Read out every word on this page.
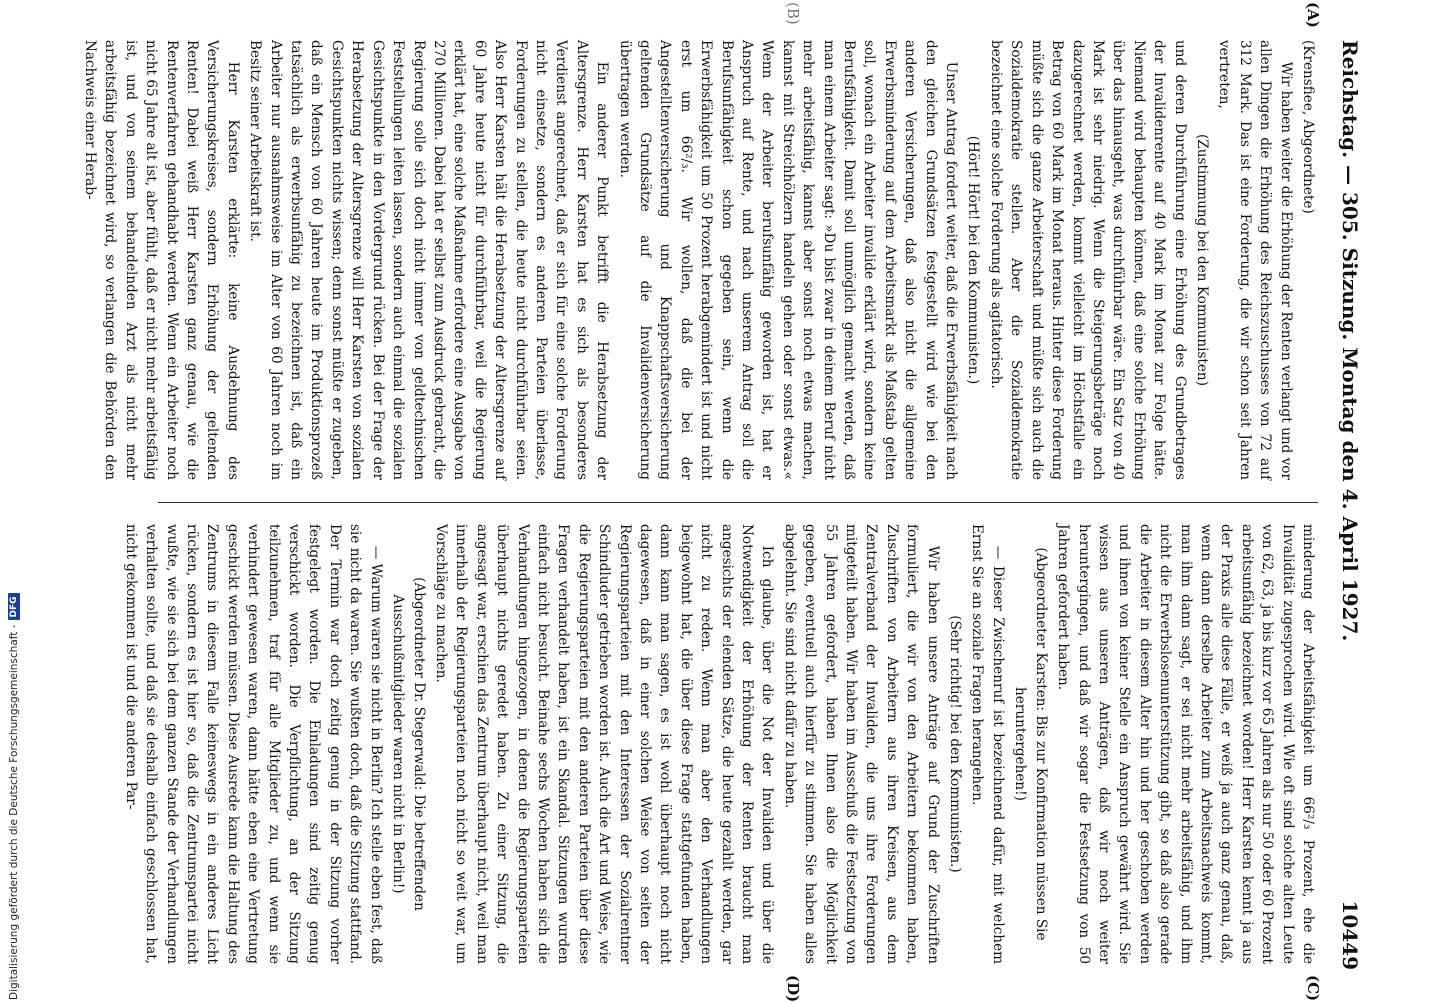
Reichstag. — 305. Sitzung. Montag den 4. April 1927.
10449
(A)
(B)
(C)
(D)

(Krensfiee, Abgeordnete)

Wir haben weiter die Erhöhung der Renten verlangt und vor allen Dingen die Erhöhung des Reichszuschusses von 72 auf 312 Mark. Das ist eine Forderung, die wir schon seit Jahren vertreten,

(Zustimmung bei den Kommunisten)

und deren Durchführung eine Erhöhung des Grundbetrages der Invalidenrente auf 40 Mark im Monat zur Folge hätte. Niemand wird behaupten können, daß eine solche Erhöhung über das hinausgeht, was durchführbar wäre. Ein Satz von 40 Mark ist sehr niedrig. Wenn die Steigerungsbeträge noch dazugerechnet werden, kommt vielleicht im Höchstfalle ein Betrag von 60 Mark im Monat heraus. Hinter diese Forderung müßte sich die ganze Arbeiterschaft und müßte sich auch die Sozialdemokratie stellen. Aber die Sozialdemokratie bezeichnet eine solche Forderung als agitatorisch.

(Hört! Hört! bei den Kommunisten.)

Unser Antrag fordert weiter, daß die Erwerbsfähigkeit nach den gleichen Grundsätzen festgestellt wird wie bei den anderen Versicherungen, daß also nicht die allgemeine Erwerbsminderung auf dem Arbeitsmarkt als Maßstab gelten soll, wonach ein Arbeiter invalide erklärt wird, sondern keine Berufsfähigkeit. Damit soll unmöglich gemacht werden, daß man einem Arbeiter sagt: »Du bist zwar in deinem Beruf nicht mehr arbeitsfähig, kannst aber sonst noch etwas machen, kannst mit Streichhölzern handeln gehen oder sonst etwas.« Wenn der Arbeiter berufsunfähig geworden ist, hat er Anspruch auf Rente, und nach unserem Antrag soll die Berufsunfähigkeit schon gegeben sein, wenn die Erwerbsfähigkeit um 50 Prozent herabgemindert ist und nicht erst um 66²/₃. Wir wollen, daß die bei der Angestelltenversicherung und Knappschaftsversicherung geltenden Grundsätze auf die Invalidenversicherung übertragen werden.

Ein anderer Punkt betrifft die Herabsetzung der Altersgrenze. Herr Karsten hat es sich als besonderes Verdienst angerechnet, daß er sich für eine solche Forderung nicht einsetze, sondern es anderen Parteien überlasse, Forderungen zu stellen, die heute nicht durchführbar seien. Also Herr Karsten hält die Herabsetzung der Altersgrenze auf 60 Jahre heute nicht für durchführbar, weil die Regierung erklärt hat, eine solche Maßnahme erfordere eine Ausgabe von 270 Millionen. Dabei hat er selbst zum Ausdruck gebracht, die Regierung solle sich doch nicht immer von geldtechnischen Feststellungen leiten lassen, sondern auch einmal die sozialen Gesichtspunkte in den Vordergrund rücken. Bei der Frage der Herabsetzung der Altersgrenze will Herr Karsten von sozialen Gesichtspunkten nichts wissen; denn sonst müßte er zugeben, daß ein Mensch von 60 Jahren heute im Produktionsprozeß tatsächlich als erwerbsunfähig zu bezeichnen ist, daß ein Arbeiter nur ausnahmsweise im Alter von 60 Jahren noch im Besitz seiner Arbeitskraft ist.

Herr Karsten erklärte: keine Ausdehnung des Versicherungskreises, sondern Erhöhung der geltenden Renten! Dabei weiß Herr Karsten ganz genau, wie die Rentenverfahren gehandhabt werden. Wenn ein Arbeiter noch nicht 65 Jahre alt ist, aber fühlt, daß er nicht mehr arbeitsfähig ist, und von seinem behandelnden Arzt als nicht mehr arbeitsfähig bezeichnet wird, so verlangen die Behörden den Nachweis einer Herab-

minderung der Arbeitsfähigkeit um 66²/₃ Prozent, ehe die Invalidität zugesprochen wird. Wie oft sind solche alten Leute von 62, 63, ja bis kurz vor 65 Jahren als nur 50 oder 60 Prozent arbeitsunfähig bezeichnet worden! Herr Karsten kennt ja aus der Praxis alle diese Fälle, er weiß ja auch ganz genau, daß, wenn dann derselbe Arbeiter zum Arbeitsnachweis kommt, man ihm dann sagt, er sei nicht mehr arbeitsfähig, und ihm nicht die Erwerbslosenunterstützung gibt, so daß also gerade die Arbeiter in diesem Alter hin und her geschoben werden und ihnen von keiner Stelle ein Anspruch gewährt wird. Sie wissen aus unseren Anträgen, daß wir noch weiter heruntergingen, und daß wir sogar die Festsetzung von 50 Jahren gefordert haben.

(Abgeordneter Karsten: Bis zur Konfirmation müssen Sie heruntergehen!)

— Dieser Zwischenruf ist bezeichnend dafür, mit welchem Ernst Sie an soziale Fragen herangehen.

(Sehr richtig! bei den Kommunisten.)

Wir haben unsere Anträge auf Grund der Zuschriften formuliert, die wir von den Arbeitern bekommen haben, Zuschriften von Arbeitern aus ihren Kreisen, aus dem Zentralverband der Invaliden, die uns ihre Forderungen mitgeteilt haben. Wir haben im Ausschuß die Festsetzung von 55 Jahren gefordert, haben Ihnen also die Möglichkeit gegeben, eventuell auch hierfür zu stimmen. Sie haben alles abgelehnt. Sie sind nicht dafür zu haben.

Ich glaube, über die Not der Invaliden und über die Notwendigkeit der Erhöhung der Renten braucht man angesichts der elenden Sätze, die heute gezahlt werden, gar nicht zu reden. Wenn man aber den Verhandlungen beigewohnt hat, die über diese Frage stattgefunden haben, dann kann man sagen, es ist wohl überhaupt noch nicht dagewesen, daß in einer solchen Weise von seiten der Regierungsparteien mit den Interessen der Sozialrentner Schindluder getrieben worden ist. Auch die Art und Weise, wie die Regierungsparteien mit den anderen Parteien über diese Fragen verhandelt haben, ist ein Skandal. Sitzungen wurden einfach nicht besucht. Beinahe sechs Wochen haben sich die Verhandlungen hingezogen, in denen die Regierungsparteien überhaupt nichts geredet haben. Zu einer Sitzung, die angesagt war, erschien das Zentrum überhaupt nicht, weil man innerhalb der Regierungsparteien noch nicht so weit war, um Vorschläge zu machen.

(Abgeordneter Dr. Stegerwald: Die betreffenden Ausschußmitglieder waren nicht in Berlin!)

— Warum waren sie nicht in Berlin? Ich stelle eben fest, daß sie nicht da waren. Sie wußten doch, daß die Sitzung stattfand. Der Termin war doch zeitig genug in der Sitzung vorher festgelegt worden. Die Einladungen sind zeitig genug verschickt worden. Die Verpflichtung, an der Sitzung teilzunehmen, traf für alle Mitglieder zu, und wenn sie verhindert gewesen waren, dann hätte eben eine Vertretung geschickt werden müssen. Diese Ausrede kann die Haltung des Zentrums in diesem Falle keineswegs in ein anderes Licht rücken, sondern es ist hier so, daß die Zentrumspartei nicht wußte, wie sie sich bei dem ganzen Stande der Verhandlungen verhalten sollte, und daß sie deshalb einfach geschlossen hat, nicht gekommen ist und die anderen Par-

Digitalisierung gefördert durch die Deutsche Forschungsgemeinschaft -
DFG
